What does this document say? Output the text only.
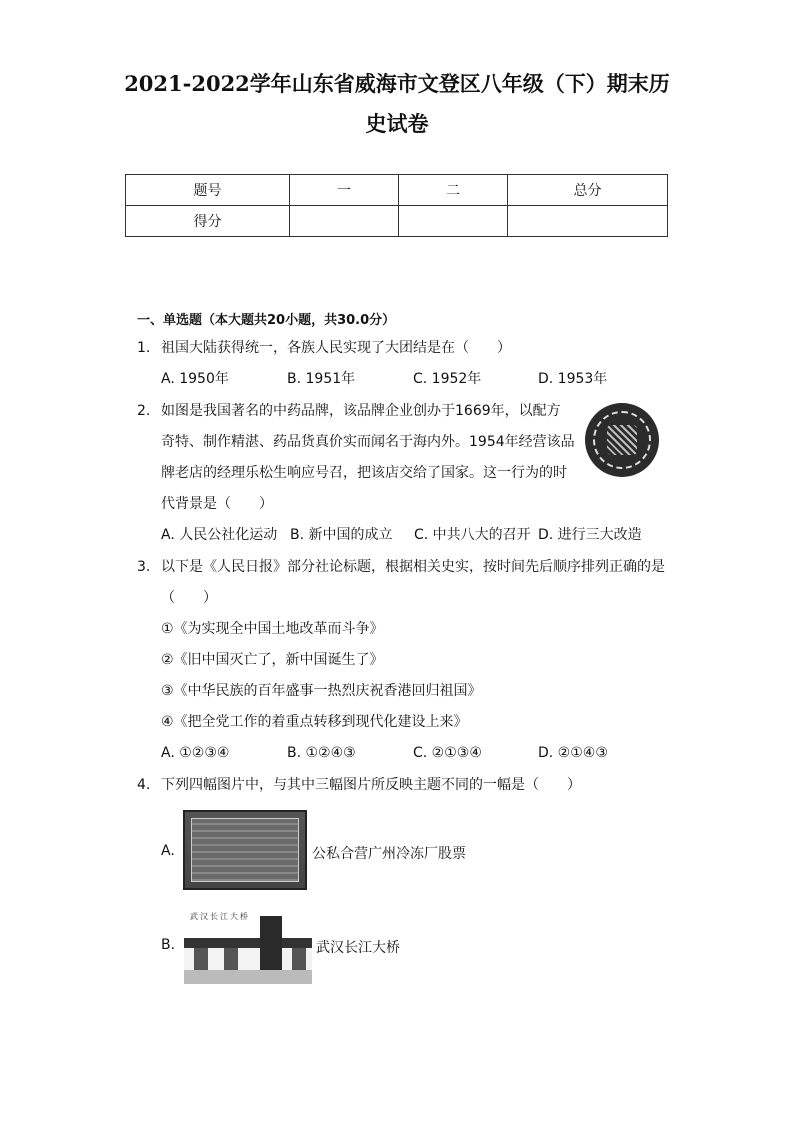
2021-2022学年山东省威海市文登区八年级（下）期末历
史试卷
题号	一	二	总分
得分			
一、单选题（本大题共20小题，共30.0分）
1. 祖国大陆获得统一，各族人民实现了大团结是在（　　）
A. 1950年	B. 1951年	C. 1952年	D. 1953年
2. 如图是我国著名的中药品牌，该品牌企业创办于1669年，以配方
奇特、制作精湛、药品货真价实而闻名于海内外。1954年经营该品
牌老店的经理乐松生响应号召，把该店交给了国家。这一行为的时
代背景是（　　）
A. 人民公社化运动 B. 新中国的成立 C. 中共八大的召开 D. 进行三大改造
3. 以下是《人民日报》部分社论标题，根据相关史实，按时间先后顺序排列正确的是
（　　）
①《为实现全中国土地改革而斗争》
②《旧中国灭亡了，新中国诞生了》
③《中华民族的百年盛事一热烈庆祝香港回归祖国》
④《把全党工作的着重点转移到现代化建设上来》
A. ①②③④	B. ①②④③	C. ②①③④	D. ②①④③
4. 下列四幅图片中，与其中三幅图片所反映主题不同的一幅是（　　）
A.	公私合营广州冷冻厂股票
B.
武汉长江大桥
武汉长江大桥
